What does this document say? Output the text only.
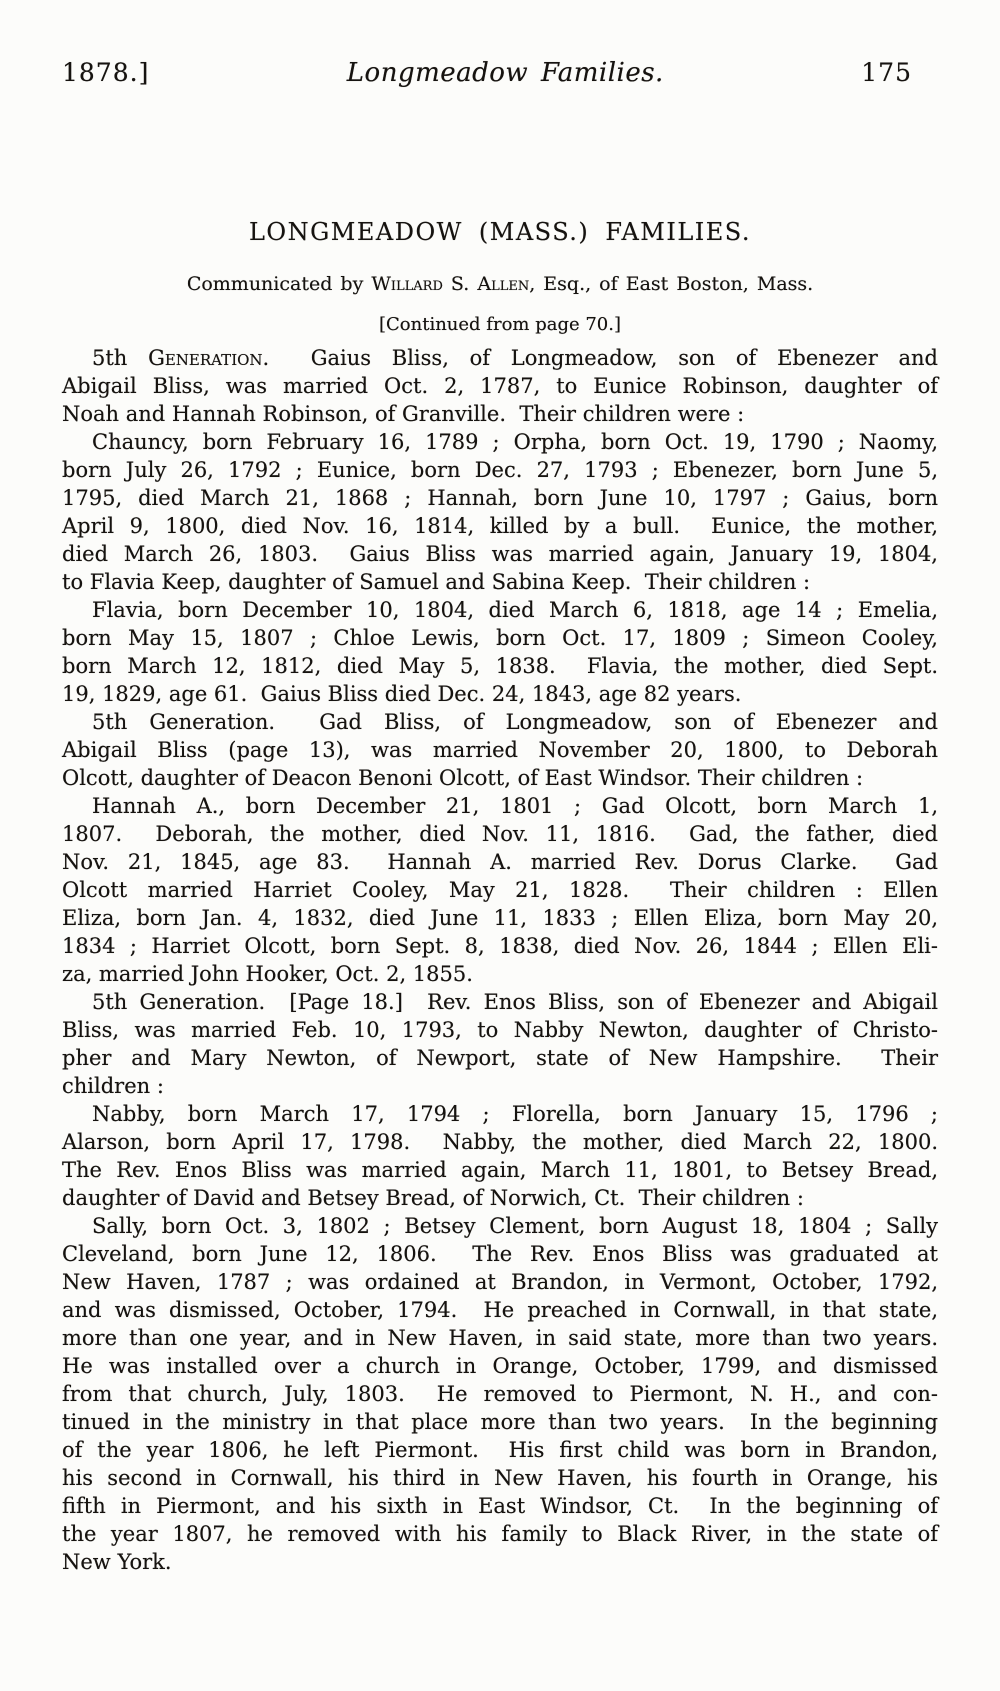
1878.]	Longmeadow Families.	175
LONGMEADOW (MASS.) FAMILIES.
Communicated by Willard S. Allen, Esq., of East Boston, Mass.
[Continued from page 70.]
5th Generation.  Gaius Bliss, of Longmeadow, son of Ebenezer and
Abigail Bliss, was married Oct. 2, 1787, to Eunice Robinson, daughter of
Noah and Hannah Robinson, of Granville.  Their children were :
Chauncy, born February 16, 1789 ; Orpha, born Oct. 19, 1790 ; Naomy,
born July 26, 1792 ; Eunice, born Dec. 27, 1793 ; Ebenezer, born June 5,
1795, died March 21, 1868 ; Hannah, born June 10, 1797 ; Gaius, born
April 9, 1800, died Nov. 16, 1814, killed by a bull.  Eunice, the mother,
died March 26, 1803.  Gaius Bliss was married again, January 19, 1804,
to Flavia Keep, daughter of Samuel and Sabina Keep.  Their children :
Flavia, born December 10, 1804, died March 6, 1818, age 14 ; Emelia,
born May 15, 1807 ; Chloe Lewis, born Oct. 17, 1809 ; Simeon Cooley,
born March 12, 1812, died May 5, 1838.  Flavia, the mother, died Sept.
19, 1829, age 61.  Gaius Bliss died Dec. 24, 1843, age 82 years.
5th Generation.  Gad Bliss, of Longmeadow, son of Ebenezer and
Abigail Bliss (page 13), was married November 20, 1800, to Deborah
Olcott, daughter of Deacon Benoni Olcott, of East Windsor. Their children :
Hannah A., born December 21, 1801 ; Gad Olcott, born March 1,
1807.  Deborah, the mother, died Nov. 11, 1816.  Gad, the father, died
Nov. 21, 1845, age 83.  Hannah A. married Rev. Dorus Clarke.  Gad
Olcott married Harriet Cooley, May 21, 1828.  Their children : Ellen
Eliza, born Jan. 4, 1832, died June 11, 1833 ; Ellen Eliza, born May 20,
1834 ; Harriet Olcott, born Sept. 8, 1838, died Nov. 26, 1844 ; Ellen Eli-
za, married John Hooker, Oct. 2, 1855.
5th Generation.  [Page 18.]  Rev. Enos Bliss, son of Ebenezer and Abigail
Bliss, was married Feb. 10, 1793, to Nabby Newton, daughter of Christo-
pher and Mary Newton, of Newport, state of New Hampshire.  Their
children :
Nabby, born March 17, 1794 ; Florella, born January 15, 1796 ;
Alarson, born April 17, 1798.  Nabby, the mother, died March 22, 1800.
The Rev. Enos Bliss was married again, March 11, 1801, to Betsey Bread,
daughter of David and Betsey Bread, of Norwich, Ct.  Their children :
Sally, born Oct. 3, 1802 ; Betsey Clement, born August 18, 1804 ; Sally
Cleveland, born June 12, 1806.  The Rev. Enos Bliss was graduated at
New Haven, 1787 ; was ordained at Brandon, in Vermont, October, 1792,
and was dismissed, October, 1794.  He preached in Cornwall, in that state,
more than one year, and in New Haven, in said state, more than two years.
He was installed over a church in Orange, October, 1799, and dismissed
from that church, July, 1803.  He removed to Piermont, N. H., and con-
tinued in the ministry in that place more than two years.  In the beginning
of the year 1806, he left Piermont.  His first child was born in Brandon,
his second in Cornwall, his third in New Haven, his fourth in Orange, his
fifth in Piermont, and his sixth in East Windsor, Ct.  In the beginning of
the year 1807, he removed with his family to Black River, in the state of
New York.
